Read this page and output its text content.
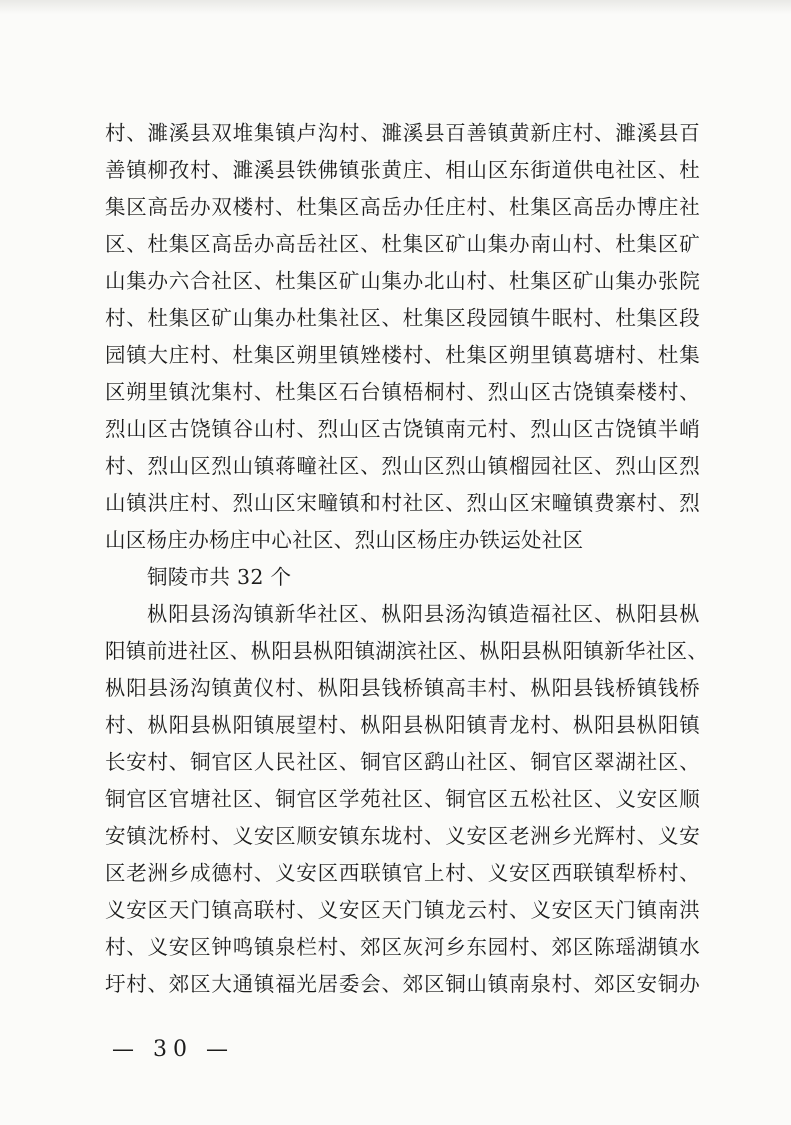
村、濉溪县双堆集镇卢沟村、濉溪县百善镇黄新庄村、濉溪县百
善镇柳孜村、濉溪县铁佛镇张黄庄、相山区东街道供电社区、杜
集区高岳办双楼村、杜集区高岳办任庄村、杜集区高岳办博庄社
区、杜集区高岳办高岳社区、杜集区矿山集办南山村、杜集区矿
山集办六合社区、杜集区矿山集办北山村、杜集区矿山集办张院
村、杜集区矿山集办杜集社区、杜集区段园镇牛眠村、杜集区段
园镇大庄村、杜集区朔里镇矬楼村、杜集区朔里镇葛塘村、杜集
区朔里镇沈集村、杜集区石台镇梧桐村、烈山区古饶镇秦楼村、
烈山区古饶镇谷山村、烈山区古饶镇南元村、烈山区古饶镇半峭
村、烈山区烈山镇蒋疃社区、烈山区烈山镇榴园社区、烈山区烈
山镇洪庄村、烈山区宋疃镇和村社区、烈山区宋疃镇费寨村、烈
山区杨庄办杨庄中心社区、烈山区杨庄办铁运处社区
铜陵市共 32 个
枞阳县汤沟镇新华社区、枞阳县汤沟镇造福社区、枞阳县枞
阳镇前进社区、枞阳县枞阳镇湖滨社区、枞阳县枞阳镇新华社区、
枞阳县汤沟镇黄仪村、枞阳县钱桥镇高丰村、枞阳县钱桥镇钱桥
村、枞阳县枞阳镇展望村、枞阳县枞阳镇青龙村、枞阳县枞阳镇
长安村、铜官区人民社区、铜官区鹞山社区、铜官区翠湖社区、
铜官区官塘社区、铜官区学苑社区、铜官区五松社区、义安区顺
安镇沈桥村、义安区顺安镇东垅村、义安区老洲乡光辉村、义安
区老洲乡成德村、义安区西联镇官上村、义安区西联镇犁桥村、
义安区天门镇高联村、义安区天门镇龙云村、义安区天门镇南洪
村、义安区钟鸣镇泉栏村、郊区灰河乡东园村、郊区陈瑶湖镇水
圩村、郊区大通镇福光居委会、郊区铜山镇南泉村、郊区安铜办
— 30 —
